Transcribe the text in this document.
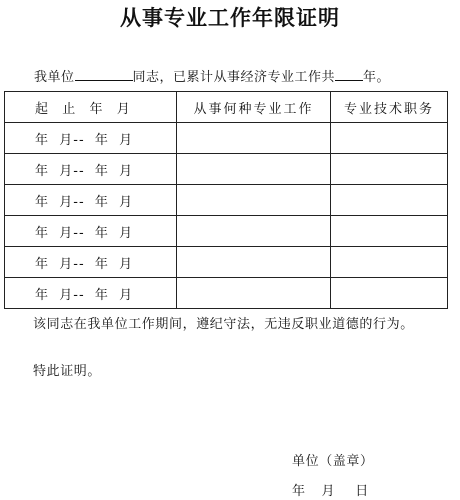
从事专业工作年限证明
我单位	同志，已累计从事经济专业工作共 年。
起  止  年  月	从事何种专业工作	专业技术职务
年  月--  年  月		
年  月--  年  月		
年  月--  年  月		
年  月--  年  月		
年  月--  年  月		
年  月--  年  月		
该同志在我单位工作期间，遵纪守法，无违反职业道德的行为。
特此证明。
单位（盖章）
年    月     日
